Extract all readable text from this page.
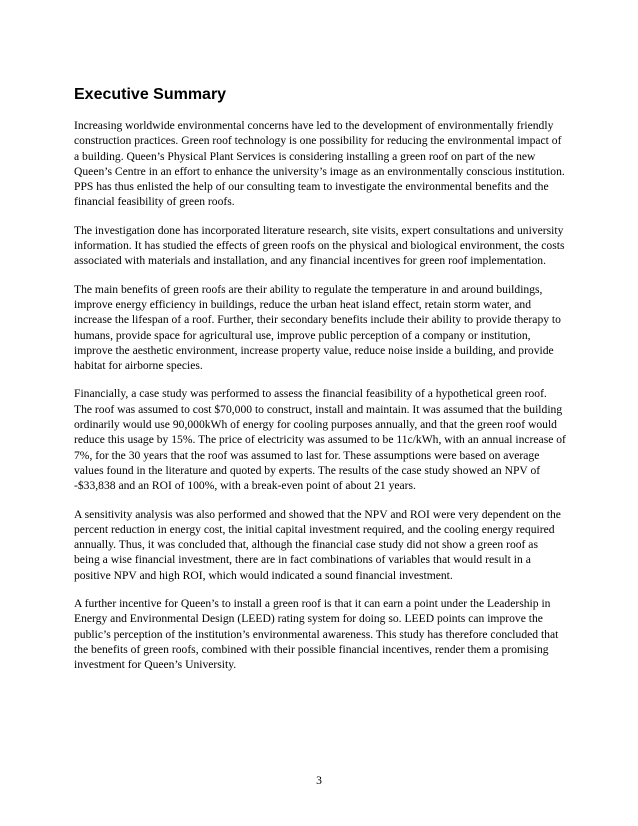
Executive Summary

Increasing worldwide environmental concerns have led to the development of environmentally friendly construction practices. Green roof technology is one possibility for reducing the environmental impact of a building. Queen’s Physical Plant Services is considering installing a green roof on part of the new Queen’s Centre in an effort to enhance the university’s image as an environmentally conscious institution. PPS has thus enlisted the help of our consulting team to investigate the environmental benefits and the financial feasibility of green roofs.

The investigation done has incorporated literature research, site visits, expert consultations and university information. It has studied the effects of green roofs on the physical and biological environment, the costs associated with materials and installation, and any financial incentives for green roof implementation.

The main benefits of green roofs are their ability to regulate the temperature in and around buildings, improve energy efficiency in buildings, reduce the urban heat island effect, retain storm water, and increase the lifespan of a roof. Further, their secondary benefits include their ability to provide therapy to humans, provide space for agricultural use, improve public perception of a company or institution, improve the aesthetic environment, increase property value, reduce noise inside a building, and provide habitat for airborne species.

Financially, a case study was performed to assess the financial feasibility of a hypothetical green roof. The roof was assumed to cost $70,000 to construct, install and maintain. It was assumed that the building ordinarily would use 90,000kWh of energy for cooling purposes annually, and that the green roof would reduce this usage by 15%. The price of electricity was assumed to be 11c/kWh, with an annual increase of 7%, for the 30 years that the roof was assumed to last for. These assumptions were based on average values found in the literature and quoted by experts. The results of the case study showed an NPV of -$33,838 and an ROI of 100%, with a break-even point of about 21 years.

A sensitivity analysis was also performed and showed that the NPV and ROI were very dependent on the percent reduction in energy cost, the initial capital investment required, and the cooling energy required annually. Thus, it was concluded that, although the financial case study did not show a green roof as being a wise financial investment, there are in fact combinations of variables that would result in a positive NPV and high ROI, which would indicated a sound financial investment.

A further incentive for Queen’s to install a green roof is that it can earn a point under the Leadership in Energy and Environmental Design (LEED) rating system for doing so. LEED points can improve the public’s perception of the institution’s environmental awareness. This study has therefore concluded that the benefits of green roofs, combined with their possible financial incentives, render them a promising investment for Queen’s University.

3
